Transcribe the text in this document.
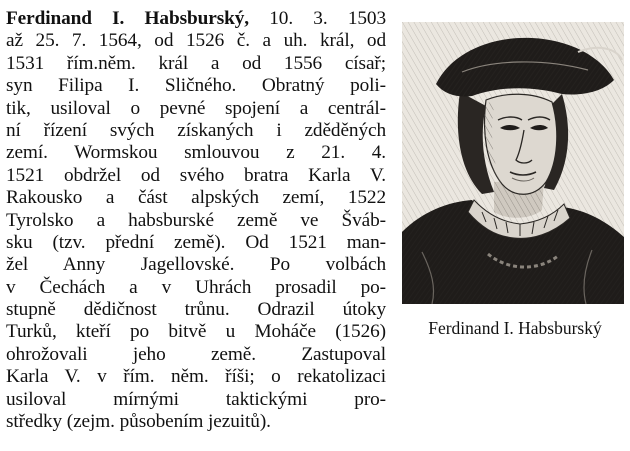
Ferdinand I. Habsburský, 10. 3. 1503
až 25. 7. 1564, od 1526 č. a uh. král, od
1531 řím.něm. král a od 1556 císař;
syn Filipa I. Sličného. Obratný poli-
tik, usiloval o pevné spojení a centrál-
ní řízení svých získaných i zděděných
zemí. Wormskou smlouvou z 21. 4.
1521 obdržel od svého bratra Karla V.
Rakousko a část alpských zemí, 1522
Tyrolsko a habsburské země ve Šváb-
sku (tzv. přední země). Od 1521 man-
žel Anny Jagellovské. Po volbách
v Čechách a v Uhrách prosadil po-
stupně dědičnost trůnu. Odrazil útoky
Turků, kteří po bitvě u Moháče (1526)
ohrožovali jeho země. Zastupoval
Karla V. v řím. něm. říši; o rekatolizaci
usiloval mírnými taktickými pro-
středky (zejm. působením jezuitů).
Ferdinand I. Habsburský
